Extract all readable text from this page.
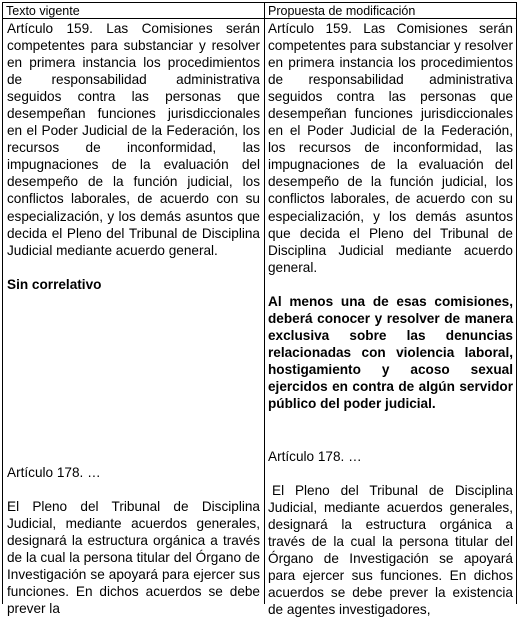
Texto vigente	Propuesta de modificación

Artículo 159. Las Comisiones serán competentes para substanciar y resolver en primera instancia los procedimientos de responsabilidad administrativa seguidos contra las personas que desempeñan funciones jurisdiccionales en el Poder Judicial de la Federación, los recursos de inconformidad, las impugnaciones de la evaluación del desempeño de la función judicial, los conflictos laborales, de acuerdo con su especialización, y los demás asuntos que decida el Pleno del Tribunal de Disciplina Judicial mediante acuerdo general.

Sin correlativo

Artículo 178. …

El Pleno del Tribunal de Disciplina Judicial, mediante acuerdos generales, designará la estructura orgánica a través de la cual la persona titular del Órgano de Investigación se apoyará para ejercer sus funciones. En dichos acuerdos se debe prever la

Artículo 159. Las Comisiones serán competentes para substanciar y resolver en primera instancia los procedimientos de responsabilidad administrativa seguidos contra las personas que desempeñan funciones jurisdiccionales en el Poder Judicial de la Federación, los recursos de inconformidad, las impugnaciones de la evaluación del desempeño de la función judicial, los conflictos laborales, de acuerdo con su especialización, y los demás asuntos que decida el Pleno del Tribunal de Disciplina Judicial mediante acuerdo general.

Al menos una de esas comisiones, deberá conocer y resolver de manera exclusiva sobre las denuncias relacionadas con violencia laboral, hostigamiento y acoso sexual ejercidos en contra de algún servidor público del poder judicial.

Artículo 178. …

El Pleno del Tribunal de Disciplina Judicial, mediante acuerdos generales, designará la estructura orgánica a través de la cual la persona titular del Órgano de Investigación se apoyará para ejercer sus funciones. En dichos acuerdos se debe prever la existencia de agentes investigadores,
